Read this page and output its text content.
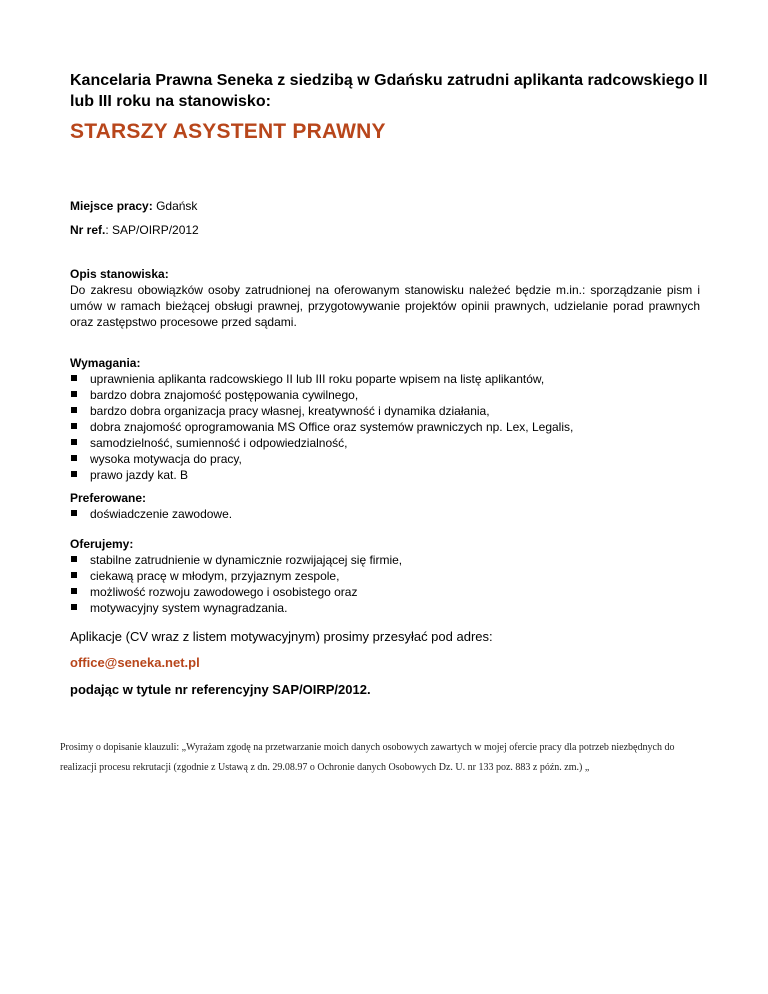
Kancelaria Prawna Seneka z siedzibą w Gdańsku zatrudni aplikanta radcowskiego II lub III roku na stanowisko:
STARSZY ASYSTENT PRAWNY
Miejsce pracy: Gdańsk
Nr ref.: SAP/OIRP/2012
Opis stanowiska:

Do zakresu obowiązków osoby zatrudnionej na oferowanym stanowisku należeć będzie m.in.: sporządzanie pism i umów w ramach bieżącej obsługi prawnej, przygotowywanie projektów opinii prawnych, udzielanie porad prawnych oraz zastępstwo procesowe przed sądami.

Wymagania:
uprawnienia aplikanta radcowskiego II lub III roku poparte wpisem na listę aplikantów,
bardzo dobra znajomość postępowania cywilnego,
bardzo dobra organizacja pracy własnej, kreatywność i dynamika działania,
dobra znajomość oprogramowania MS Office oraz systemów prawniczych np. Lex, Legalis,
samodzielność, sumienność i odpowiedzialność,
wysoka motywacja do pracy,
prawo jazdy kat. B
Preferowane:
doświadczenie zawodowe.
Oferujemy:
stabilne zatrudnienie w dynamicznie rozwijającej się firmie,
ciekawą pracę w młodym, przyjaznym zespole,
możliwość rozwoju zawodowego i osobistego oraz
motywacyjny system wynagradzania.
Aplikacje (CV wraz z listem motywacyjnym) prosimy przesyłać pod adres:
office@seneka.net.pl
podając w tytule nr referencyjny SAP/OIRP/2012.
Prosimy o dopisanie klauzuli: „Wyrażam zgodę na przetwarzanie moich danych osobowych zawartych w mojej ofercie pracy dla potrzeb niezbędnych do realizacji procesu rekrutacji (zgodnie z Ustawą z dn. 29.08.97 o Ochronie danych Osobowych Dz. U. nr 133 poz. 883 z późn. zm.) „
